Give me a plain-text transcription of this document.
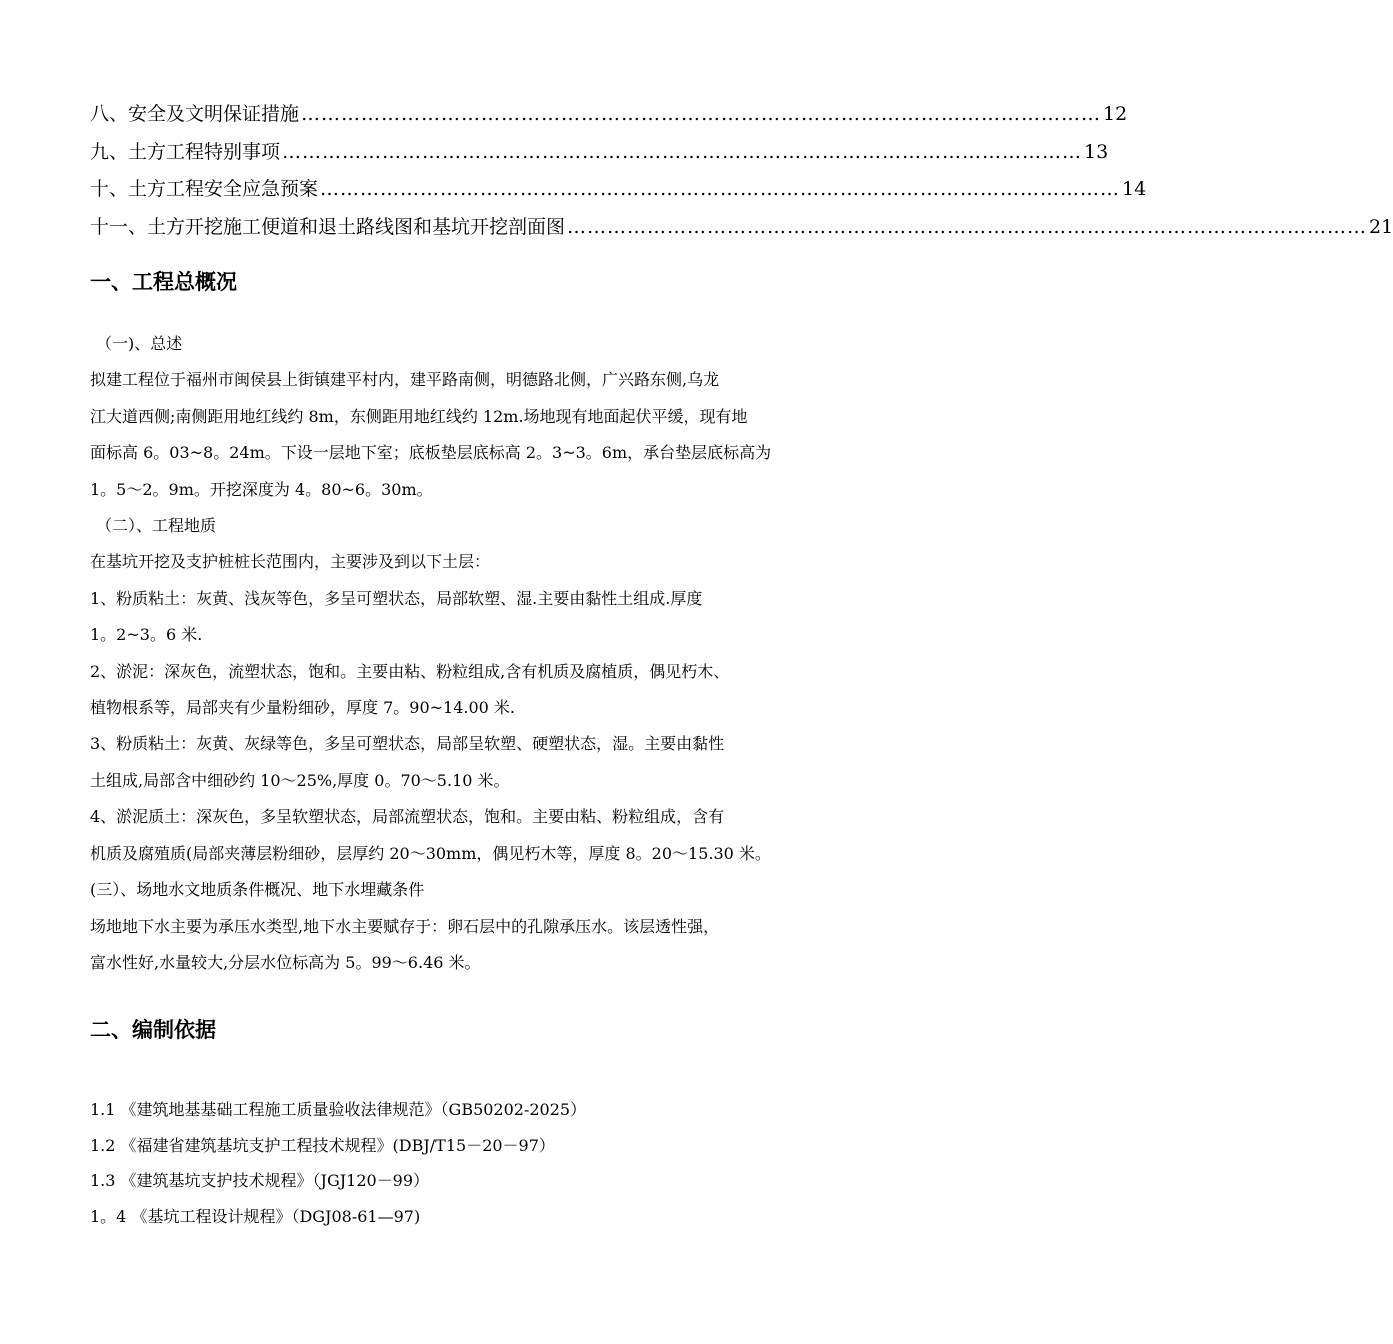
八、安全及文明保证措施 ………………………………………………………………………………………………………… 12
九、土方工程特别事项 ………………………………………………………………………………………………………… 13
十、土方工程安全应急预案 ………………………………………………………………………………………………………… 14
十一、土方开挖施工便道和退土路线图和基坑开挖剖面图 ………………………………………………………………………………………………………… 21
一、工程总概况

（一)、总述

拟建工程位于福州市闽侯县上街镇建平村内，建平路南侧，明德路北侧，广兴路东侧,乌龙

江大道西侧;南侧距用地红线约 8m，东侧距用地红线约 12m.场地现有地面起伏平缓，现有地

面标高 6。03~8。24m。下设一层地下室；底板垫层底标高 2。3~3。6m，承台垫层底标高为

1。5～2。9m。开挖深度为 4。80~6。30m。

（二）、工程地质

在基坑开挖及支护桩桩长范围内，主要涉及到以下土层：

1、粉质粘土：灰黄、浅灰等色，多呈可塑状态，局部软塑、湿.主要由黏性土组成.厚度

1。2~3。6 米.

2、淤泥：深灰色，流塑状态，饱和。主要由粘、粉粒组成,含有机质及腐植质，偶见朽木、

植物根系等，局部夹有少量粉细砂，厚度 7。90~14.00 米.

3、粉质粘土：灰黄、灰绿等色，多呈可塑状态，局部呈软塑、硬塑状态，湿。主要由黏性

土组成,局部含中细砂约 10～25%,厚度 0。70～5.10 米。

4、淤泥质土：深灰色，多呈软塑状态，局部流塑状态，饱和。主要由粘、粉粒组成，含有

机质及腐殖质(局部夹薄层粉细砂，层厚约 20～30mm，偶见朽木等，厚度 8。20～15.30 米。

(三）、场地水文地质条件概况、地下水埋藏条件

场地地下水主要为承压水类型,地下水主要赋存于：卵石层中的孔隙承压水。该层透性强，

富水性好,水量较大,分层水位标高为 5。99～6.46 米。

二、编制依据

1.1 《建筑地基基础工程施工质量验收法律规范》（GB50202-2025）

1.2 《福建省建筑基坑支护工程技术规程》(DBJ/T15－20－97）

1.3 《建筑基坑支护技术规程》（JGJ120－99）

1。4 《基坑工程设计规程》（DGJ08-61—97)
